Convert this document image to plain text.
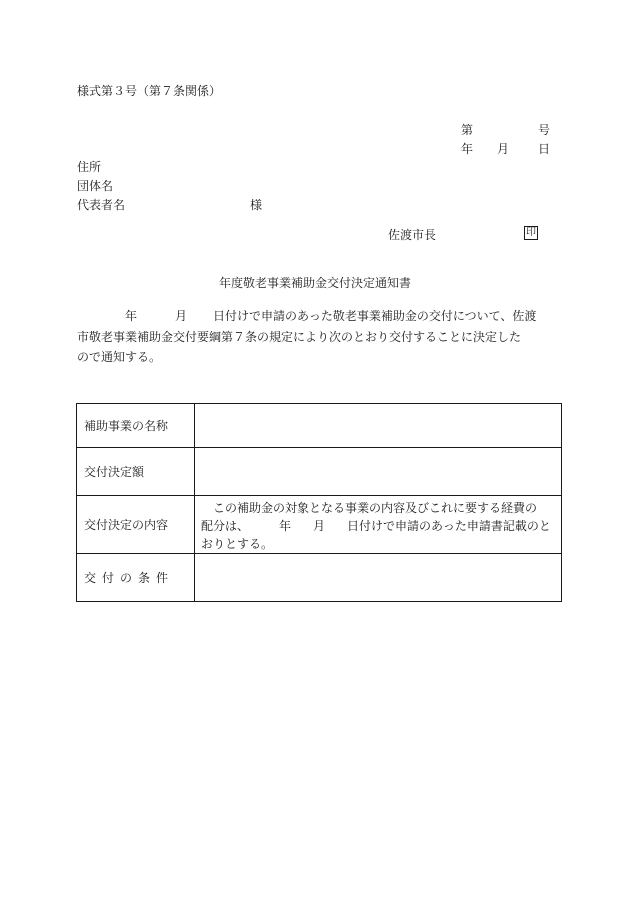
様式第３号（第７条関係）
第	号
年 月 日
住所
団体名
代表者名	様
佐渡市長	印
年度敬老事業補助金交付決定通知書
年	月 日付けで申請のあった敬老事業補助金の交付について、佐渡
市敬老事業補助金交付要綱第７条の規定により次のとおり交付することに決定した
ので通知する。
補助事業の名称	
交付決定額	
交付決定の内容	この補助金の対象となる事業の内容及びこれに要する経費の
配分は、 年 月 日付けで申請のあった申請書記載のと
おりとする。

交付の条件	
